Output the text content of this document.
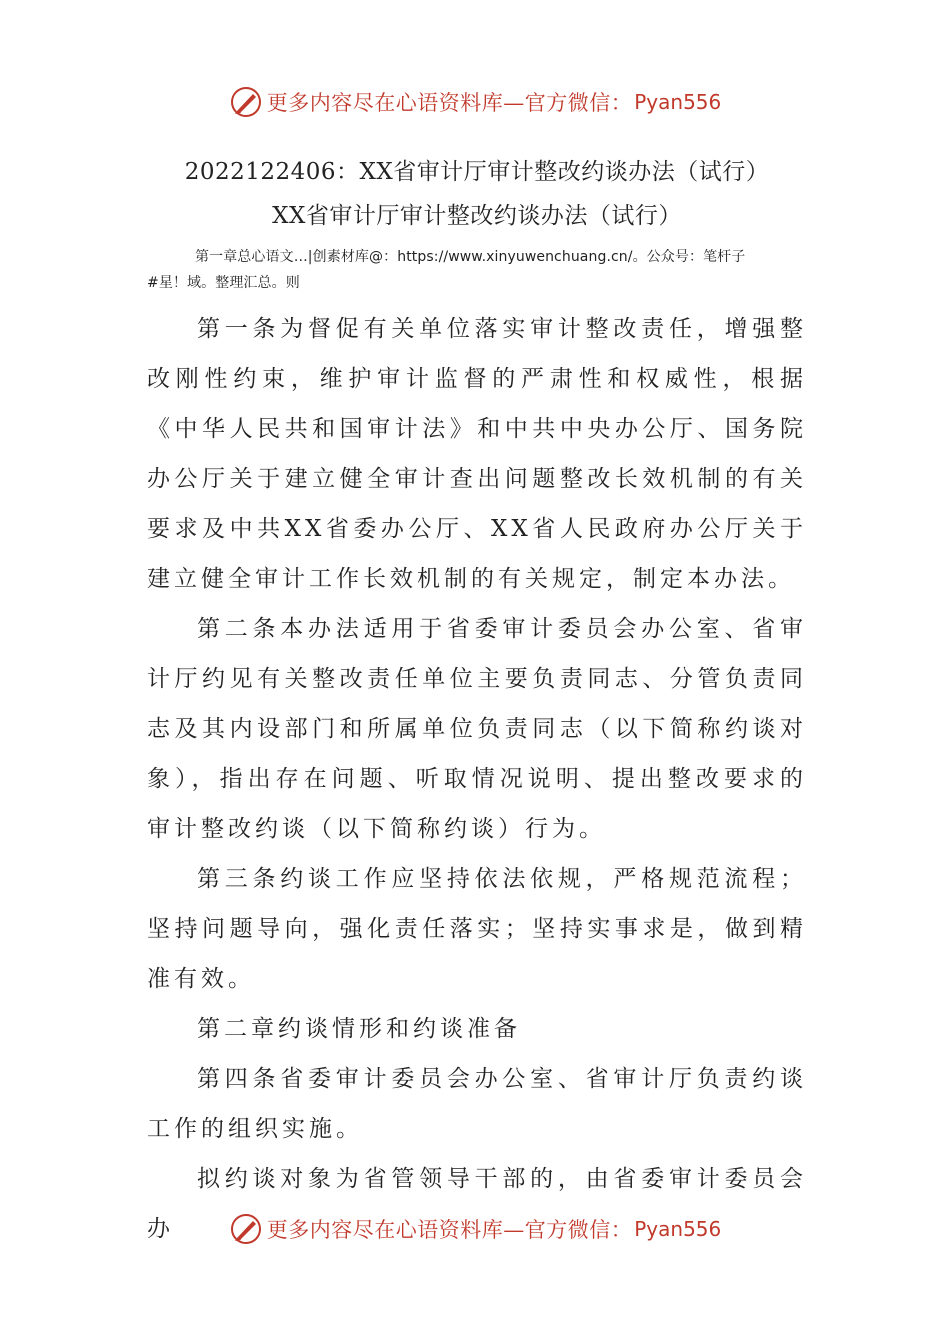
更多内容尽在心语资料库—官方微信： Pyan556
2022122406：XX省审计厅审计整改约谈办法（试行）
XX省审计厅审计整改约谈办法（试行）
第一章总心语文…|创素材库@：https://www.xinyuwenchuang.cn/。公众号：笔杆子
#星！域。整理汇总。则

第一条为督促有关单位落实审计整改责任，增强整改刚性约束，维护审计监督的严肃性和权威性，根据《中华人民共和国审计法》和中共中央办公厅、国务院办公厅关于建立健全审计查出问题整改长效机制的有关要求及中共XX省委办公厅、XX省人民政府办公厅关于建立健全审计工作长效机制的有关规定，制定本办法。

第二条本办法适用于省委审计委员会办公室、省审计厅约见有关整改责任单位主要负责同志、分管负责同志及其内设部门和所属单位负责同志（以下简称约谈对象），指出存在问题、听取情况说明、提出整改要求的审计整改约谈（以下简称约谈）行为。

第三条约谈工作应坚持依法依规，严格规范流程；坚持问题导向，强化责任落实；坚持实事求是，做到精准有效。

第二章约谈情形和约谈准备

第四条省委审计委员会办公室、省审计厅负责约谈工作的组织实施。

拟约谈对象为省管领导干部的，由省委审计委员会办	更多内容尽在心语资料库—官方微信： Pyan556
